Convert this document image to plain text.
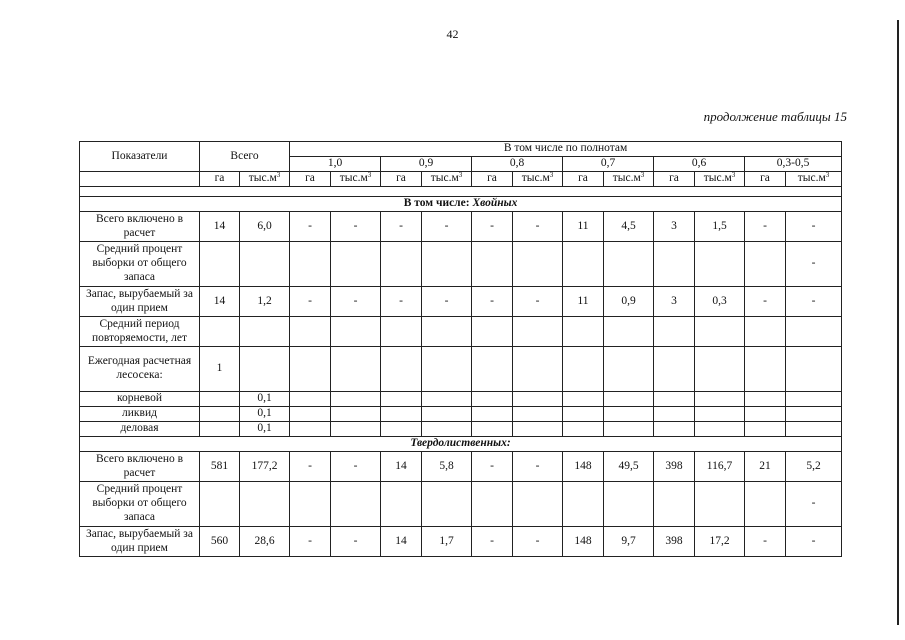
42
продолжение таблицы 15
Показатели	Всего		В том числе по полнотам											
			1,0		0,9		0,8		0,7		0,6		0,3-0,5	
	га	$тыс.м^3$	га	$тыс.м^3$	га	$тыс.м^3$	га	$тыс.м^3$	га	$тыс.м^3$	га	$тыс.м^3$	га	$тыс.м^3$

В том числе: Хвойных														
Всего включено в расчет	14	6,0	-	-	-	-	-	-	11	4,5	3	1,5	-	-
Средний процент выборки от общего запаса														-
Запас, вырубаемый за один прием	14	1,2	-	-	-	-	-	-	11	0,9	3	0,3	-	-
Средний период повторяемости, лет														
Ежегодная расчетная лесосека:	1													
корневой		0,1												
ликвид		0,1												
деловая		0,1												
Твердолиственных:														
Всего включено в расчет	581	177,2	-	-	14	5,8	-	-	148	49,5	398	116,7	21	5,2
Средний процент выборки от общего запаса														-
Запас, вырубаемый за один прием	560	28,6	-	-	14	1,7	-	-	148	9,7	398	17,2	-	-
